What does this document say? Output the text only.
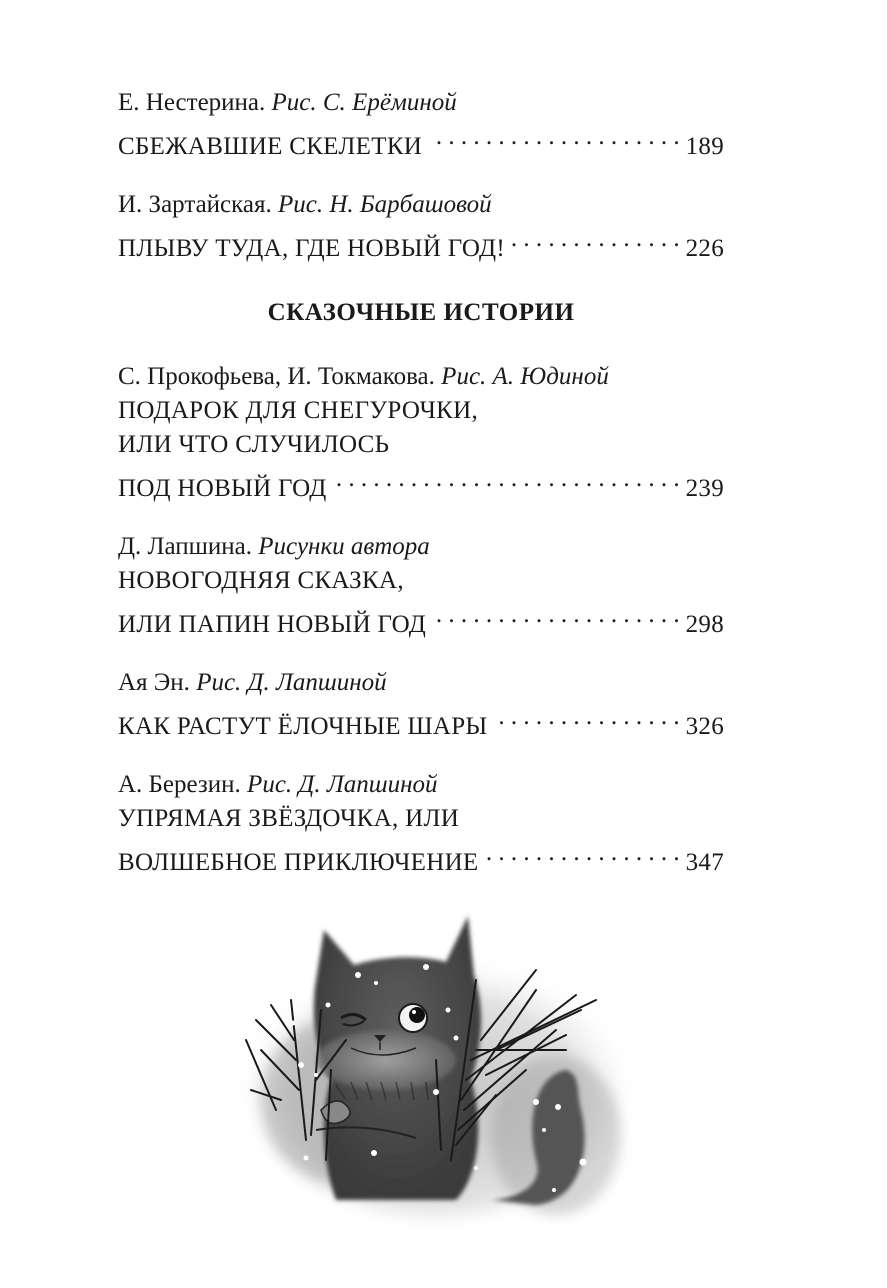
Е. Нестерина. Рис. С. Ерёминой
СБЕЖАВШИЕ СКЕЛЕТКИ . . .	189
И. Зартайская. Рис. Н. Барбашовой
ПЛЫВУ ТУДА, ГДЕ НОВЫЙ ГОД! . . .	226
СКАЗОЧНЫЕ ИСТОРИИ
С. Прокофьева, И. Токмакова. Рис. А. Юдиной
ПОДАРОК ДЛЯ СНЕГУРОЧКИ,
ИЛИ ЧТО СЛУЧИЛОСЬ
ПОД НОВЫЙ ГОД . . .	239
Д. Лапшина. Рисунки автора
НОВОГОДНЯЯ СКАЗКА,
ИЛИ ПАПИН НОВЫЙ ГОД . . .	298
Ая Эн. Рис. Д. Лапшиной
КАК РАСТУТ ЁЛОЧНЫЕ ШАРЫ . . .	326
А. Березин. Рис. Д. Лапшиной
УПРЯМАЯ ЗВЁЗДОЧКА, ИЛИ
ВОЛШЕБНОЕ ПРИКЛЮЧЕНИЕ . . .	347
